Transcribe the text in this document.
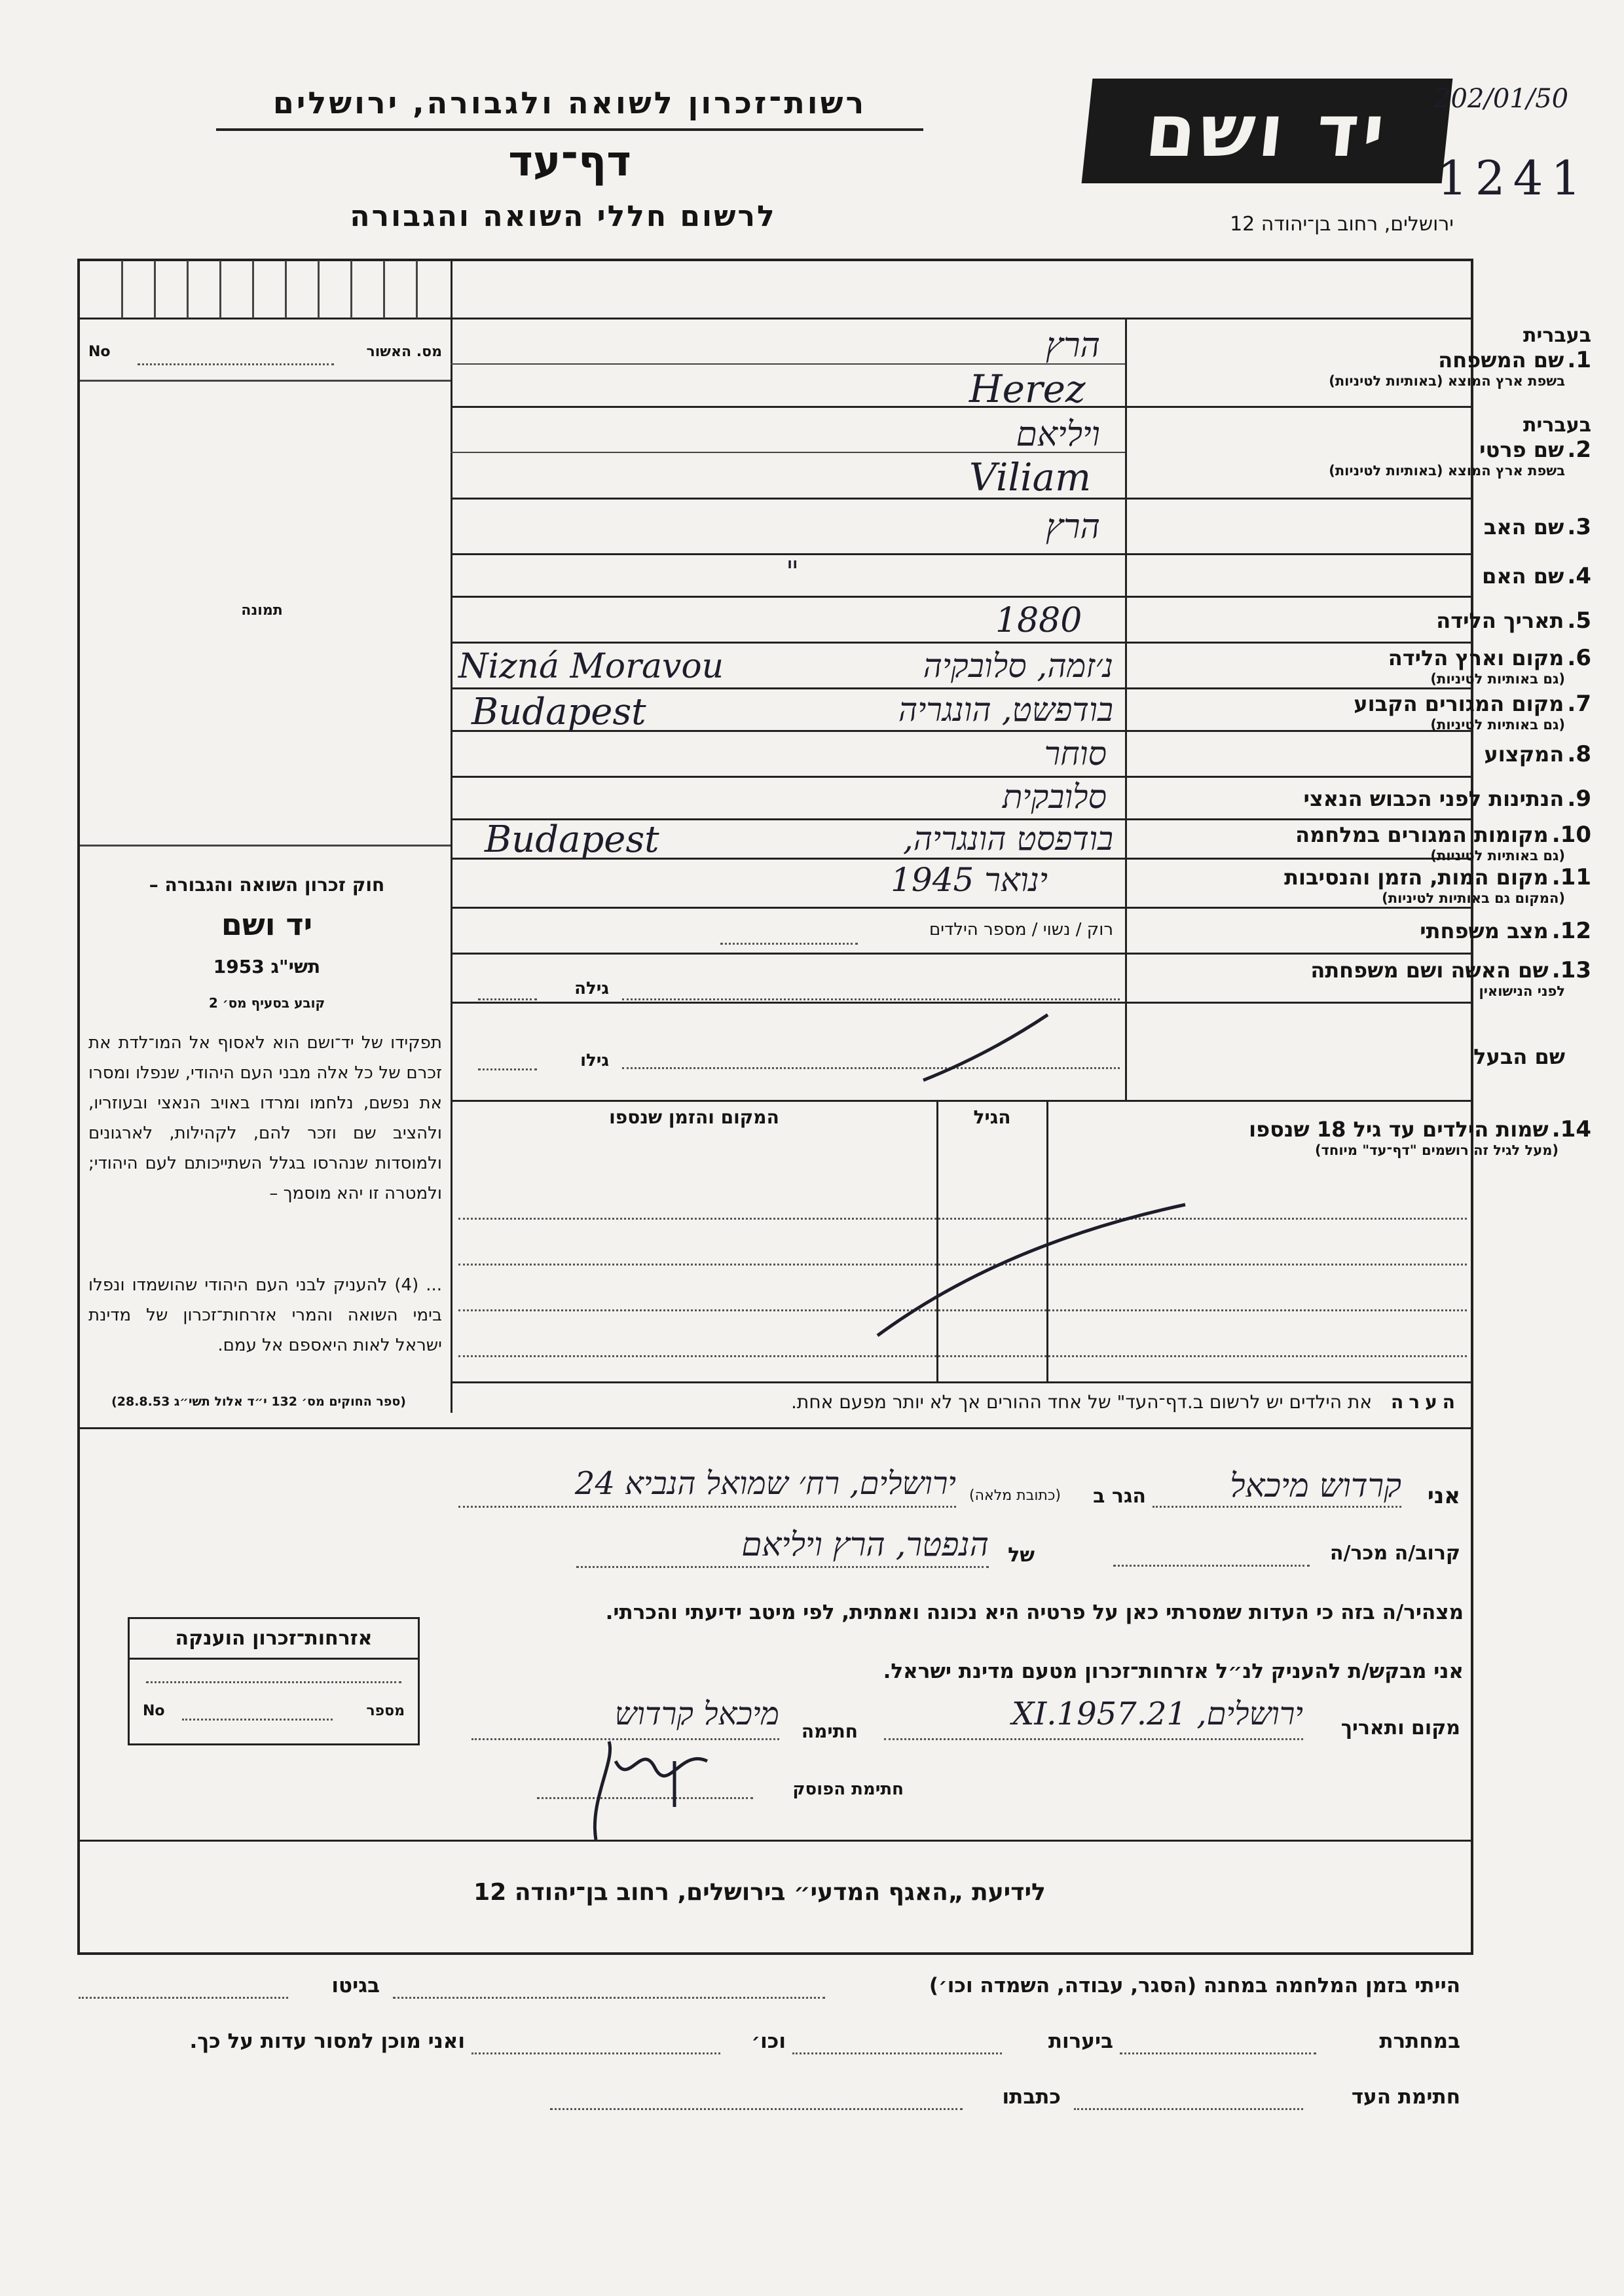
רשות־זכרון לשואה ולגבורה, ירושלים
דף־עד
לרשום חללי השואה והגבורה
יד ושם
ירושלים, רחוב בן־יהודה 12
202/01/50
1241
מס. האשור
No
תמונה
חוק זכרון השואה והגבורה –
יד ושם
תשי"ג 1953
קובע בסעיף מס׳ 2
תפקידו של יד־ושם הוא לאסוף אל המו־לדת את זכרם של כל אלה מבני העם היהודי, שנפלו ומסרו את נפשם, נלחמו ומרדו באויב הנאצי ובעוזריו, ולהציב שם וזכר להם, לקהילות, לארגונים ולמוסדות שנהרסו בגלל השתייכותם לעם היהודי; ולמטרה זו יהא מוסמך –
... (4) להעניק לבני העם היהודי שהושמדו ונפלו בימי השואה והמרי אזרחות־זכרון של מדינת ישראל לאות היאספם אל עמם.
(ספר החוקים מס׳ 132 י״ד אלול תשי״ג 28.8.53)
בעברית
1. שם המשפחה
בשפת ארץ המוצא (באותיות לטיניות)
הרץ
Herez
בעברית
2. שם פרטי
בשפת ארץ המוצא (באותיות לטיניות)
ויליאם
Viliam
3. שם האב
הרץ
4. שם האם
"
5. תאריך הלידה
1880
6. מקום וארץ הלידה
(גם באותיות לטיניות)
נ׳זמה, סלובקיה
Nizná Moravou
7. מקום המגורים הקבוע
(גם באותיות לטיניות)
בודפשט, הונגריה
Budapest
8. המקצוע
סוחר
9. הנתינות לפני הכבוש הנאצי
סלובקית
10. מקומות המגורים במלחמה
(גם באותיות לטיניות)
בודפסט הונגריה,
Budapest
11. מקום המות, הזמן והנסיבות
(המקום גם באותיות לטיניות)
ינואר 1945
12. מצב משפחתי
רוק / נשוי / מספר הילדים
13. שם האשה ושם משפחתה
לפני הנישואין
גילה
שם הבעל
גילו
14. שמות הילדים עד גיל 18 שנספו
(מעל לגיל זה רושמים "דף־עד" מיוחד)
הגיל
המקום והזמן שנספו
הערה את הילדים יש לרשום ב.דף־העד" של אחד ההורים אך לא יותר מפעם אחת.
אני
קרדוש מיכאל
הגר ב
(כתובת מלאה)
ירושלים, רח׳ שמואל הנביא 24
קרוב/ה מכר/ה
של
הנפטר, הרץ ויליאם
מצהיר/ה בזה כי העדות שמסרתי כאן על פרטיה היא נכונה ואמתית, לפי מיטב ידיעתי והכרתי.
אני מבקש/ת להעניק לנ״ל אזרחות־זכרון מטעם מדינת ישראל.
מקום ותאריך
ירושלים, 21.XI.1957
חתימה
מיכאל קרדוש
חתימת הפוסק
אזרחות־זכרון הוענקה
מספר
No
לידיעת „האגף המדעי״ בירושלים, רחוב בן־יהודה 12
הייתי בזמן המלחמה במחנה (הסגר, עבודה, השמדה וכו׳)
בגיטו
במחתרת
ביערות
וכו׳
ואני מוכן למסור עדות על כך.
חתימת העד
כתבתו
